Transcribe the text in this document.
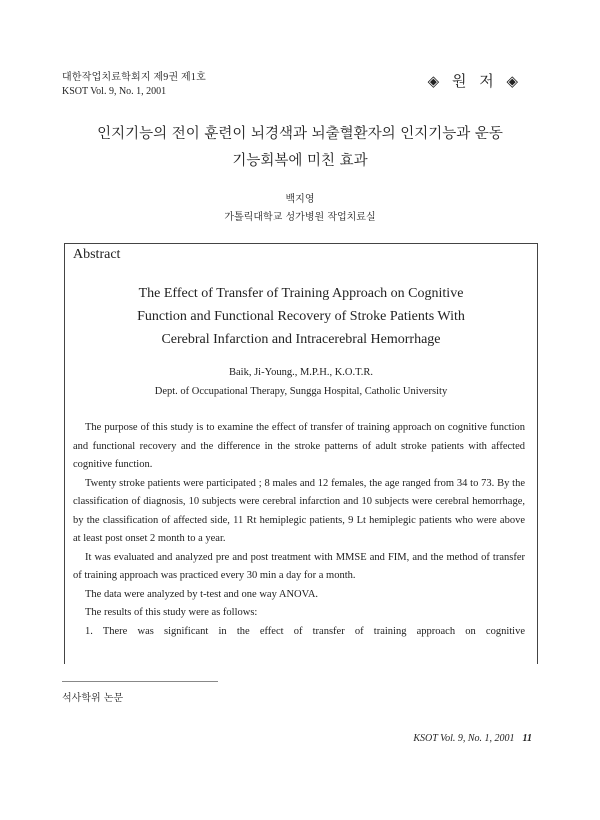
대한작업치료학회지 제9권 제1호
KSOT Vol. 9, No. 1, 2001
◈ 원 저 ◈
인지기능의 전이 훈련이 뇌경색과 뇌출혈환자의 인지기능과 운동
기능회복에 미친 효과
백지영
가톨릭대학교 성가병원 작업치료실
Abstract
The Effect of Transfer of Training Approach on Cognitive
Function and Functional Recovery of Stroke Patients With
Cerebral Infarction and Intracerebral Hemorrhage
Baik, Ji-Young., M.P.H., K.O.T.R.
Dept. of Occupational Therapy, Sungga Hospital, Catholic University

The purpose of this study is to examine the effect of transfer of training approach on cognitive function and functional recovery and the difference in the stroke patterns of adult stroke patients with affected cognitive function.

Twenty stroke patients were participated ; 8 males and 12 females, the age ranged from 34 to 73. By the classification of diagnosis, 10 subjects were cerebral infarction and 10 subjects were cerebral hemorrhage, by the classification of affected side, 11 Rt hemiplegic patients, 9 Lt hemiplegic patients who were above at least post onset 2 month to a year.

It was evaluated and analyzed pre and post treatment with MMSE and FIM, and the method of transfer of training approach was practiced every 30 min a day for a month.

The data were analyzed by t-test and one way ANOVA.

The results of this study were as follows:

1. There was significant in the effect of transfer of training approach on cognitive

석사학위 논문
KSOT Vol. 9, No. 1, 2001 11
